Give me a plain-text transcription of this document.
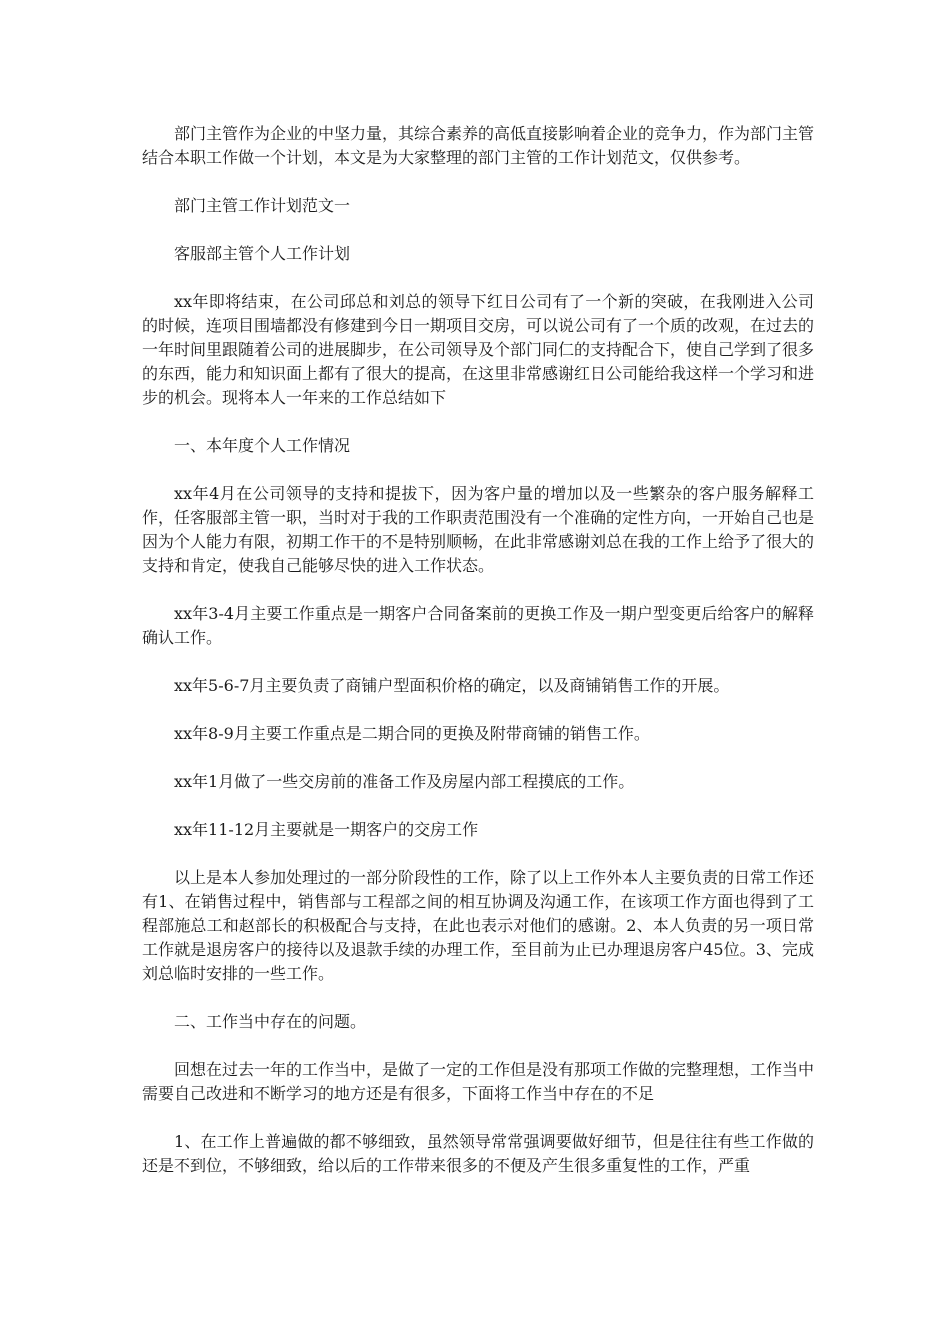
部门主管作为企业的中坚力量，其综合素养的高低直接影响着企业的竞争力，作为部门主管结合本职工作做一个计划，本文是为大家整理的部门主管的工作计划范文，仅供参考。

部门主管工作计划范文一

客服部主管个人工作计划

xx年即将结束，在公司邱总和刘总的领导下红日公司有了一个新的突破，在我刚进入公司的时候，连项目围墙都没有修建到今日一期项目交房，可以说公司有了一个质的改观，在过去的一年时间里跟随着公司的进展脚步，在公司领导及个部门同仁的支持配合下，使自己学到了很多的东西，能力和知识面上都有了很大的提高，在这里非常感谢红日公司能给我这样一个学习和进步的机会。现将本人一年来的工作总结如下

一、本年度个人工作情况

xx年4月在公司领导的支持和提拔下，因为客户量的增加以及一些繁杂的客户服务解释工作，任客服部主管一职，当时对于我的工作职责范围没有一个准确的定性方向，一开始自己也是因为个人能力有限，初期工作干的不是特别顺畅，在此非常感谢刘总在我的工作上给予了很大的支持和肯定，使我自己能够尽快的进入工作状态。

xx年3-4月主要工作重点是一期客户合同备案前的更换工作及一期户型变更后给客户的解释确认工作。

xx年5-6-7月主要负责了商铺户型面积价格的确定，以及商铺销售工作的开展。

xx年8-9月主要工作重点是二期合同的更换及附带商铺的销售工作。

xx年1月做了一些交房前的准备工作及房屋内部工程摸底的工作。

xx年11-12月主要就是一期客户的交房工作

以上是本人参加处理过的一部分阶段性的工作，除了以上工作外本人主要负责的日常工作还有1、在销售过程中，销售部与工程部之间的相互协调及沟通工作，在该项工作方面也得到了工程部施总工和赵部长的积极配合与支持，在此也表示对他们的感谢。2、本人负责的另一项日常工作就是退房客户的接待以及退款手续的办理工作，至目前为止已办理退房客户45位。3、完成刘总临时安排的一些工作。

二、工作当中存在的问题。

回想在过去一年的工作当中，是做了一定的工作但是没有那项工作做的完整理想，工作当中需要自己改进和不断学习的地方还是有很多，下面将工作当中存在的不足

1、在工作上普遍做的都不够细致，虽然领导常常强调要做好细节，但是往往有些工作做的还是不到位，不够细致，给以后的工作带来很多的不便及产生很多重复性的工作，严重
